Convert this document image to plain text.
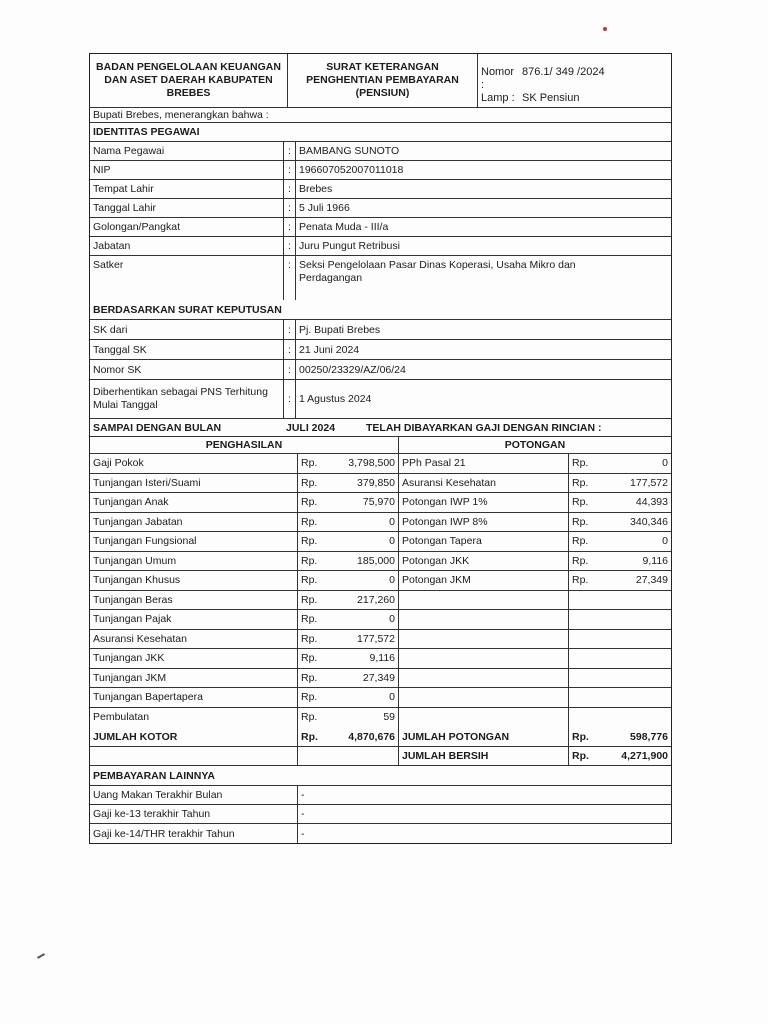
BADAN PENGELOLAAN KEUANGAN DAN ASET DAERAH KABUPATEN BREBES
SURAT KETERANGAN PENGHENTIAN PEMBAYARAN (PENSIUN)
Nomor :
876.1/ 349 /2024
Lamp : SK Pensiun
Bupati Brebes, menerangkan bahwa :
IDENTITAS PEGAWAI
Nama Pegawai	: BAMBANG SUNOTO
NIP	: 196607052007011018
Tempat Lahir	: Brebes
Tanggal Lahir	: 5 Juli 1966
Golongan/Pangkat	: Penata Muda - III/a
Jabatan	: Juru Pungut Retribusi
Satker	: Seksi Pengelolaan Pasar Dinas Koperasi, Usaha Mikro dan Perdagangan
BERDASARKAN SURAT KEPUTUSAN
SK dari	: Pj. Bupati Brebes
Tanggal SK	: 21 Juni 2024
Nomor SK	: 00250/23329/AZ/06/24
Diberhentikan sebagai PNS Terhitung Mulai Tanggal	: 1 Agustus 2024
SAMPAI DENGAN BULAN	JULI 2024	TELAH DIBAYARKAN GAJI DENGAN RINCIAN :
PENGHASILAN	POTONGAN
Gaji Pokok	Rp.	3,798,500 PPh Pasal 21	Rp.	0
Tunjangan Isteri/Suami	Rp.	379,850 Asuransi Kesehatan	Rp.	177,572
Tunjangan Anak	Rp.	75,970 Potongan IWP 1%	Rp.	44,393
Tunjangan Jabatan	Rp.	0 Potongan IWP 8%	Rp.	340,346
Tunjangan Fungsional	Rp.	0 Potongan Tapera	Rp.	0
Tunjangan Umum	Rp.	185,000 Potongan JKK	Rp.	9,116
Tunjangan Khusus	Rp.	0 Potongan JKM	Rp.	27,349
Tunjangan Beras	Rp.	217,260
Tunjangan Pajak	Rp.	0
Asuransi Kesehatan	Rp.	177,572
Tunjangan JKK	Rp.	9,116
Tunjangan JKM	Rp.	27,349
Tunjangan Bapertapera	Rp.	0
Pembulatan	Rp.	59
JUMLAH KOTOR	Rp.	4,870,676 JUMLAH POTONGAN	Rp.	598,776
JUMLAH BERSIH	Rp.	4,271,900
PEMBAYARAN LAINNYA
Uang Makan Terakhir Bulan	-
Gaji ke-13 terakhir Tahun	-
Gaji ke-14/THR terakhir Tahun	-
